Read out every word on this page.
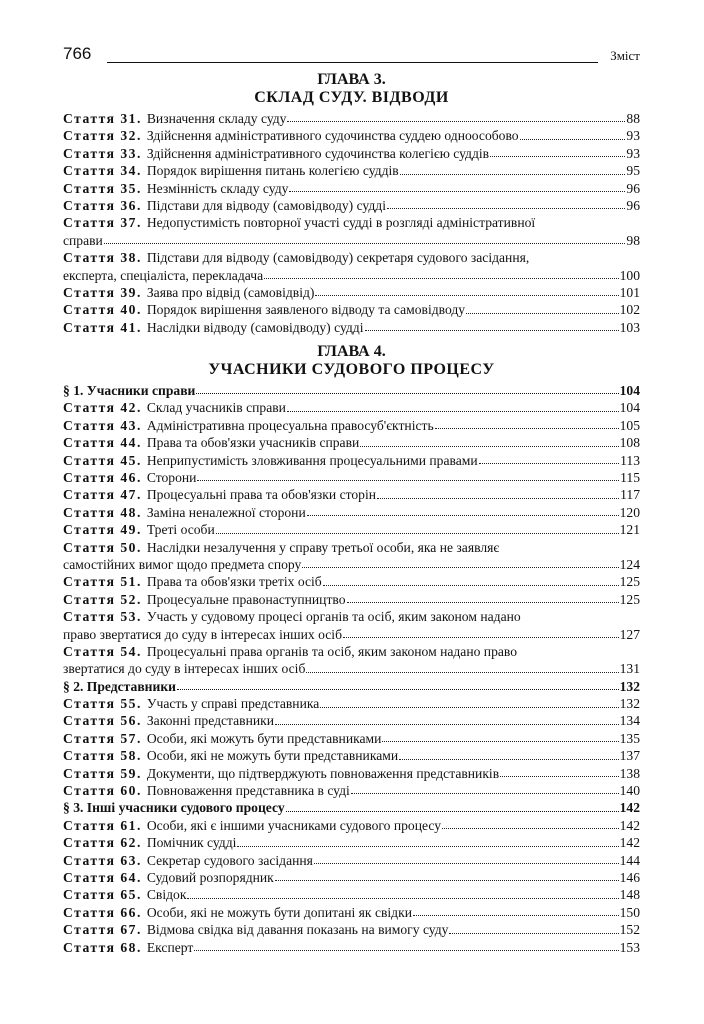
766	Зміст
ГЛАВА 3.
СКЛАД СУДУ. ВІДВОДИ
Стаття 31. Визначення складу суду	88
Стаття 32. Здійснення адміністративного судочинства суддею одноособово	93
Стаття 33. Здійснення адміністративного судочинства колегією суддів	93
Стаття 34. Порядок вирішення питань колегією суддів	95
Стаття 35. Незмінність складу суду	96
Стаття 36. Підстави для відводу (самовідводу) судді	96
Стаття 37. Недопустимість повторної участі судді в розгляді адміністративної
справи	98
Стаття 38. Підстави для відводу (самовідводу) секретаря судового засідання,
експерта, спеціаліста, перекладача	100
Стаття 39. Заява про відвід (самовідвід)	101
Стаття 40. Порядок вирішення заявленого відводу та самовідводу	102
Стаття 41. Наслідки відводу (самовідводу) судді	103
ГЛАВА 4.
УЧАСНИКИ СУДОВОГО ПРОЦЕСУ
§ 1. Учасники справи	104
Стаття 42. Склад учасників справи	104
Стаття 43. Адміністративна процесуальна правосуб'єктність	105
Стаття 44. Права та обов'язки учасників справи	108
Стаття 45. Неприпустимість зловживання процесуальними правами	113
Стаття 46. Сторони	115
Стаття 47. Процесуальні права та обов'язки сторін	117
Стаття 48. Заміна неналежної сторони	120
Стаття 49. Треті особи	121
Стаття 50. Наслідки незалучення у справу третьої особи, яка не заявляє
самостійних вимог щодо предмета спору	124
Стаття 51. Права та обов'язки третіх осіб	125
Стаття 52. Процесуальне правонаступництво	125
Стаття 53. Участь у судовому процесі органів та осіб, яким законом надано
право звертатися до суду в інтересах інших осіб	127
Стаття 54. Процесуальні права органів та осіб, яким законом надано право
звертатися до суду в інтересах інших осіб	131
§ 2. Представники	132
Стаття 55. Участь у справі представника	132
Стаття 56. Законні представники	134
Стаття 57. Особи, які можуть бути представниками	135
Стаття 58. Особи, які не можуть бути представниками	137
Стаття 59. Документи, що підтверджують повноваження представників	138
Стаття 60. Повноваження представника в суді	140
§ 3. Інші учасники судового процесу	142
Стаття 61. Особи, які є іншими учасниками судового процесу	142
Стаття 62. Помічник судді	142
Стаття 63. Секретар судового засідання	144
Стаття 64. Судовий розпорядник	146
Стаття 65. Свідок	148
Стаття 66. Особи, які не можуть бути допитані як свідки	150
Стаття 67. Відмова свідка від давання показань на вимогу суду	152
Стаття 68. Експерт	153
